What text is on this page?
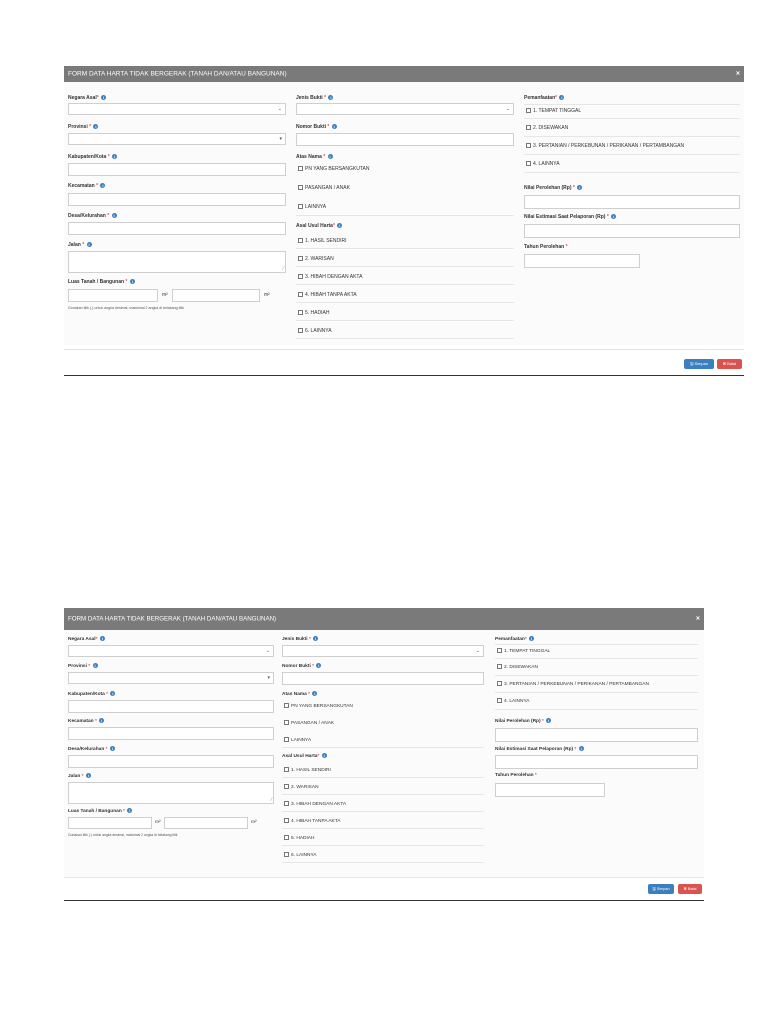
FORM DATA HARTA TIDAK BERGERAK (TANAH DAN/ATAU BANGUNAN)	×
Negara Asal* i
⌄
Provinsi * i
▾
Kabupaten/Kota * i
Kecamatan * i
Desa/Kelurahan * i
Jalan * i
⁄
Luas Tanah / Bangunan * i
m²	m²
Gunakan titik (.) untuk angka desimal, maksimal 2 angka di belakang titik
Jenis Bukti * i
⌄
Nomor Bukti * i
Atas Nama * i
PN YANG BERSANGKUTAN
PASANGAN / ANAK
LAINNYA
Asal Usul Harta* i
1. HASIL SENDIRI
2. WARISAN
3. HIBAH DENGAN AKTA
4. HIBAH TANPA AKTA
5. HADIAH
6. LAINNYA
Pemanfaatan* i
1. TEMPAT TINGGAL
2. DISEWAKAN
3. PERTANIAN / PERKEBUNAN / PERIKANAN / PERTAMBANGAN
4. LAINNYA
Nilai Perolehan (Rp) * i
Nilai Estimasi Saat Pelaporan (Rp) * i
Tahun Perolehan *
🖫 Simpan	✖ Batal
FORM DATA HARTA TIDAK BERGERAK (TANAH DAN/ATAU BANGUNAN)	×
Negara Asal* i
⌄
Provinsi * i
▾
Kabupaten/Kota * i
Kecamatan * i
Desa/Kelurahan * i
Jalan * i
⁄
Luas Tanah / Bangunan * i
m²	m²
Gunakan titik (.) untuk angka desimal, maksimal 2 angka di belakang titik
Jenis Bukti * i
⌄
Nomor Bukti * i
Atas Nama * i
PN YANG BERSANGKUTAN
PASANGAN / ANAK
LAINNYA
Asal Usul Harta* i
1. HASIL SENDIRI
2. WARISAN
3. HIBAH DENGAN AKTA
4. HIBAH TANPA AKTA
5. HADIAH
6. LAINNYA
Pemanfaatan* i
1. TEMPAT TINGGAL
2. DISEWAKAN
3. PERTANIAN / PERKEBUNAN / PERIKANAN / PERTAMBANGAN
4. LAINNYA
Nilai Perolehan (Rp) * i
Nilai Estimasi Saat Pelaporan (Rp) * i
Tahun Perolehan *
🖫 Simpan	✖ Batal
